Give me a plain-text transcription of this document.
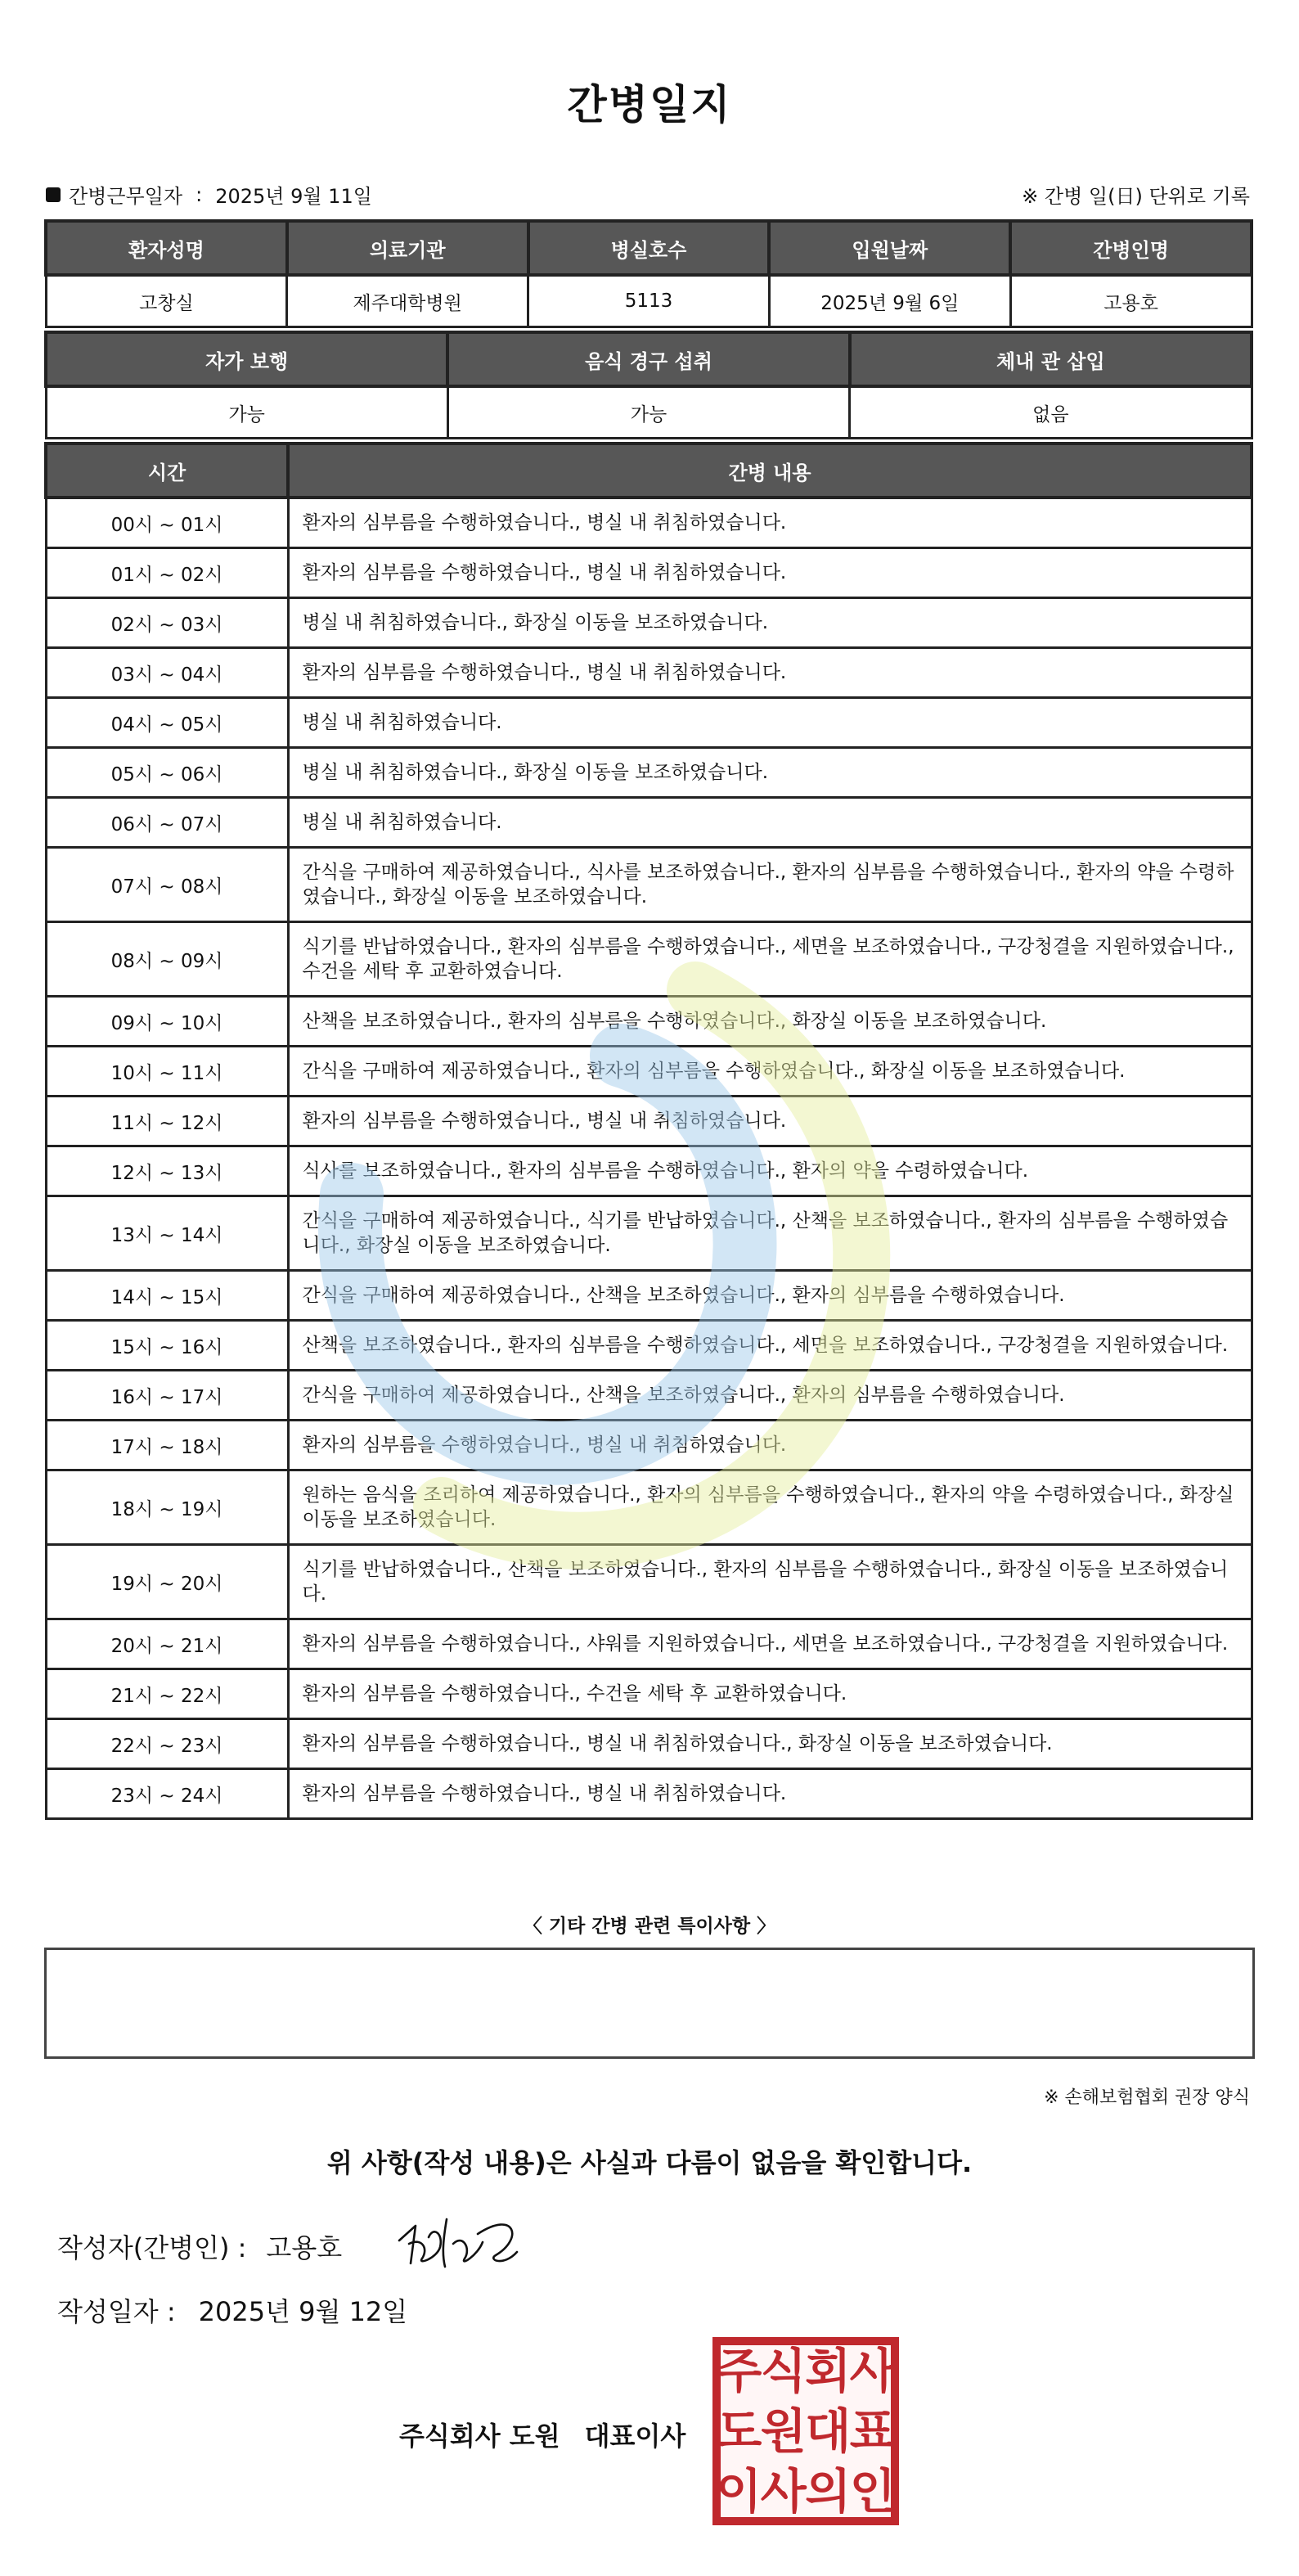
간병일지
간병근무일자 : 2025년 9월 11일	※ 간병 일(日) 단위로 기록
환자성명	의료기관	병실호수	입원날짜	간병인명
고창실	제주대학병원	5113	2025년 9월 6일	고용호
자가 보행	음식 경구 섭취	체내 관 삽입
가능	가능	없음
시간	간병 내용
00시 ~ 01시	환자의 심부름을 수행하였습니다., 병실 내 취침하였습니다.
01시 ~ 02시	환자의 심부름을 수행하였습니다., 병실 내 취침하였습니다.
02시 ~ 03시	병실 내 취침하였습니다., 화장실 이동을 보조하였습니다.
03시 ~ 04시	환자의 심부름을 수행하였습니다., 병실 내 취침하였습니다.
04시 ~ 05시	병실 내 취침하였습니다.
05시 ~ 06시	병실 내 취침하였습니다., 화장실 이동을 보조하였습니다.
06시 ~ 07시	병실 내 취침하였습니다.
07시 ~ 08시	간식을 구매하여 제공하였습니다., 식사를 보조하였습니다., 환자의 심부름을 수행하였습니다., 환자의 약을 수령하였습니다., 화장실 이동을 보조하였습니다.
08시 ~ 09시	식기를 반납하였습니다., 환자의 심부름을 수행하였습니다., 세면을 보조하였습니다., 구강청결을 지원하였습니다., 수건을 세탁 후 교환하였습니다.
09시 ~ 10시	산책을 보조하였습니다., 환자의 심부름을 수행하였습니다., 화장실 이동을 보조하였습니다.
10시 ~ 11시	간식을 구매하여 제공하였습니다., 환자의 심부름을 수행하였습니다., 화장실 이동을 보조하였습니다.
11시 ~ 12시	환자의 심부름을 수행하였습니다., 병실 내 취침하였습니다.
12시 ~ 13시	식사를 보조하였습니다., 환자의 심부름을 수행하였습니다., 환자의 약을 수령하였습니다.
13시 ~ 14시	간식을 구매하여 제공하였습니다., 식기를 반납하였습니다., 산책을 보조하였습니다., 환자의 심부름을 수행하였습니다., 화장실 이동을 보조하였습니다.
14시 ~ 15시	간식을 구매하여 제공하였습니다., 산책을 보조하였습니다., 환자의 심부름을 수행하였습니다.
15시 ~ 16시	산책을 보조하였습니다., 환자의 심부름을 수행하였습니다., 세면을 보조하였습니다., 구강청결을 지원하였습니다.
16시 ~ 17시	간식을 구매하여 제공하였습니다., 산책을 보조하였습니다., 환자의 심부름을 수행하였습니다.
17시 ~ 18시	환자의 심부름을 수행하였습니다., 병실 내 취침하였습니다.
18시 ~ 19시	원하는 음식을 조리하여 제공하였습니다., 환자의 심부름을 수행하였습니다., 환자의 약을 수령하였습니다., 화장실 이동을 보조하였습니다.
19시 ~ 20시	식기를 반납하였습니다., 산책을 보조하였습니다., 환자의 심부름을 수행하였습니다., 화장실 이동을 보조하였습니다.
20시 ~ 21시	환자의 심부름을 수행하였습니다., 샤워를 지원하였습니다., 세면을 보조하였습니다., 구강청결을 지원하였습니다.
21시 ~ 22시	환자의 심부름을 수행하였습니다., 수건을 세탁 후 교환하였습니다.
22시 ~ 23시	환자의 심부름을 수행하였습니다., 병실 내 취침하였습니다., 화장실 이동을 보조하였습니다.
23시 ~ 24시	환자의 심부름을 수행하였습니다., 병실 내 취침하였습니다.
〈 기타 간병 관련 특이사항 〉
※ 손해보험협회 권장 양식
위 사항(작성 내용)은 사실과 다름이 없음을 확인합니다.
작성자(간병인) : 고용호
작성일자 : 2025년 9월 12일
주식회사 도원 대표이사
주
식
회
사
도
원
대
표
이
사
의
인
